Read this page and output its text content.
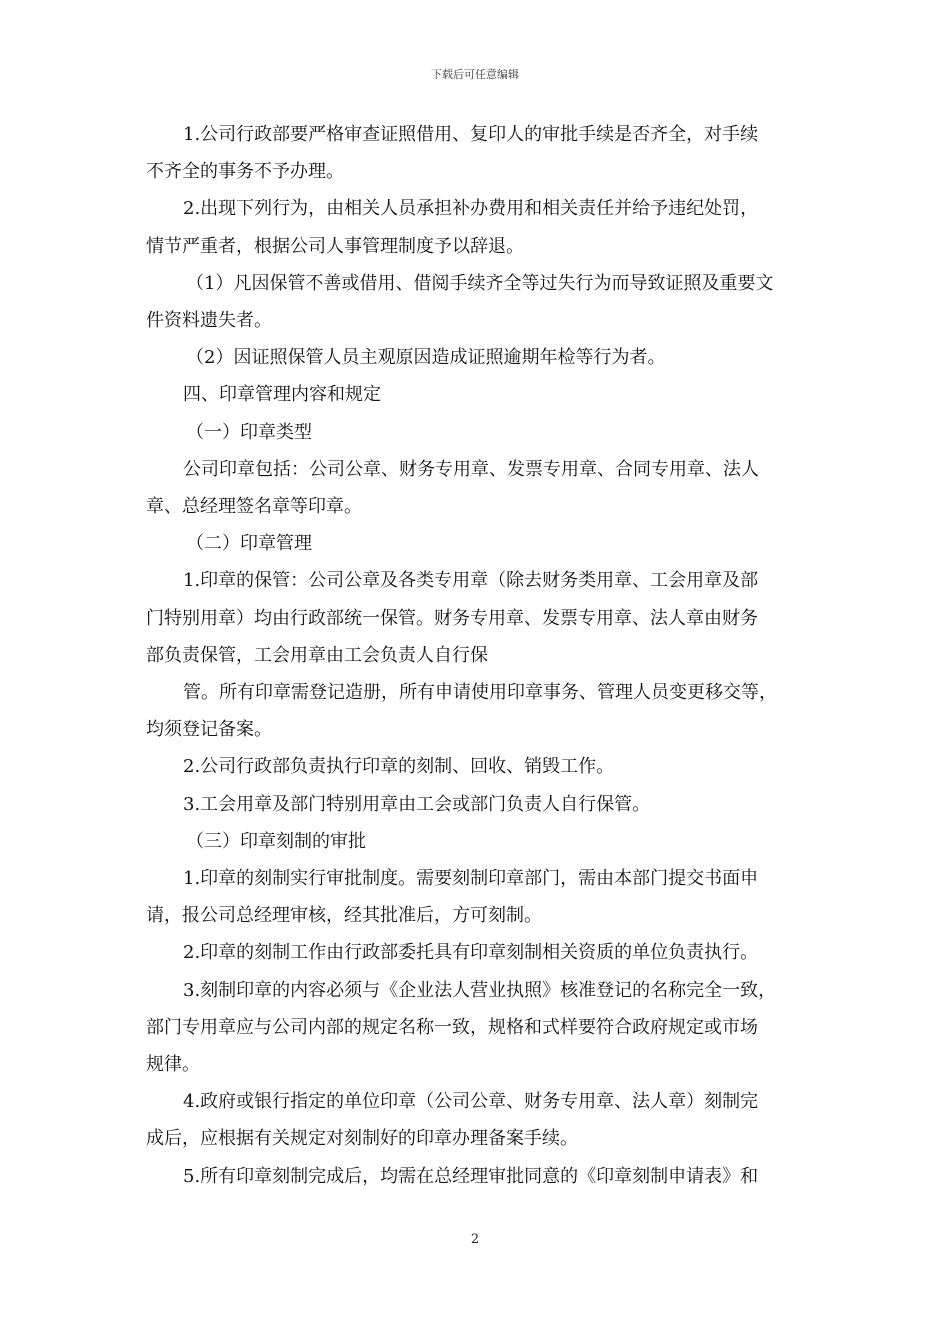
下载后可任意编辑

1.公司行政部要严格审查证照借用、复印人的审批手续是否齐全，对手续

不齐全的事务不予办理。

2.出现下列行为，由相关人员承担补办费用和相关责任并给予违纪处罚，

情节严重者，根据公司人事管理制度予以辞退。

（1）凡因保管不善或借用、借阅手续齐全等过失行为而导致证照及重要文

件资料遗失者。

（2）因证照保管人员主观原因造成证照逾期年检等行为者。

四、印章管理内容和规定

（一）印章类型

公司印章包括：公司公章、财务专用章、发票专用章、合同专用章、法人

章、总经理签名章等印章。

（二）印章管理

1.印章的保管：公司公章及各类专用章（除去财务类用章、工会用章及部

门特别用章）均由行政部统一保管。财务专用章、发票专用章、法人章由财务

部负责保管，工会用章由工会负责人自行保

管。所有印章需登记造册，所有申请使用印章事务、管理人员变更移交等，

均须登记备案。

2.公司行政部负责执行印章的刻制、回收、销毁工作。

3.工会用章及部门特别用章由工会或部门负责人自行保管。

（三）印章刻制的审批

1.印章的刻制实行审批制度。需要刻制印章部门，需由本部门提交书面申

请，报公司总经理审核，经其批准后，方可刻制。

2.印章的刻制工作由行政部委托具有印章刻制相关资质的单位负责执行。

3.刻制印章的内容必须与《企业法人营业执照》核准登记的名称完全一致，

部门专用章应与公司内部的规定名称一致，规格和式样要符合政府规定或市场

规律。

4.政府或银行指定的单位印章（公司公章、财务专用章、法人章）刻制完

成后，应根据有关规定对刻制好的印章办理备案手续。

5.所有印章刻制完成后，均需在总经理审批同意的《印章刻制申请表》和

2
